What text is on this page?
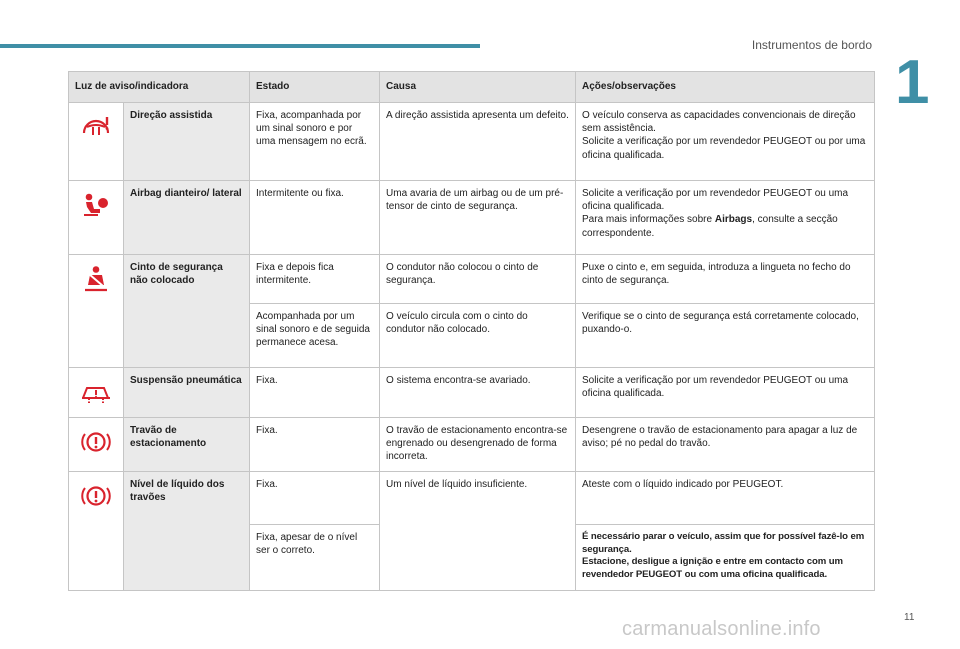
Instrumentos de bordo
1
Luz de aviso/indicadora		Estado	Causa	Ações/observações
	Direção assistida	Fixa, acompanhada por um sinal sonoro e por uma mensagem no ecrã.	A direção assistida apresenta um defeito.	O veículo conserva as capacidades convencionais de direção sem assistência.
Solicite a verificação por um revendedor PEUGEOT ou por uma oficina qualificada.

	Airbag dianteiro/ lateral	Intermitente ou fixa.	Uma avaria de um airbag ou de um pré-tensor de cinto de segurança.	Solicite a verificação por um revendedor PEUGEOT ou uma oficina qualificada.
Para mais informações sobre Airbags, consulte a secção correspondente.

	Cinto de segurança não colocado	Fixa e depois fica intermitente.	O condutor não colocou o cinto de segurança.	Puxe o cinto e, em seguida, introduza a lingueta no fecho do cinto de segurança.
		Acompanhada por um sinal sonoro e de seguida permanece acesa.	O veículo circula com o cinto do condutor não colocado.	Verifique se o cinto de segurança está corretamente colocado, puxando-o.
	Suspensão pneumática	Fixa.	O sistema encontra-se avariado.	Solicite a verificação por um revendedor PEUGEOT ou uma oficina qualificada.
	Travão de estacionamento	Fixa.	O travão de estacionamento encontra-se engrenado ou desengrenado de forma incorreta.	Desengrene o travão de estacionamento para apagar a luz de aviso; pé no pedal do travão.
	Nível de líquido dos travões	Fixa.	Um nível de líquido insuficiente.	Ateste com o líquido indicado por PEUGEOT.
		Fixa, apesar de o nível ser o correto.		É necessário parar o veículo, assim que for possível fazê-lo em segurança.
Estacione, desligue a ignição e entre em contacto com um revendedor PEUGEOT ou com uma oficina qualificada.
11
carmanualsonline.info
